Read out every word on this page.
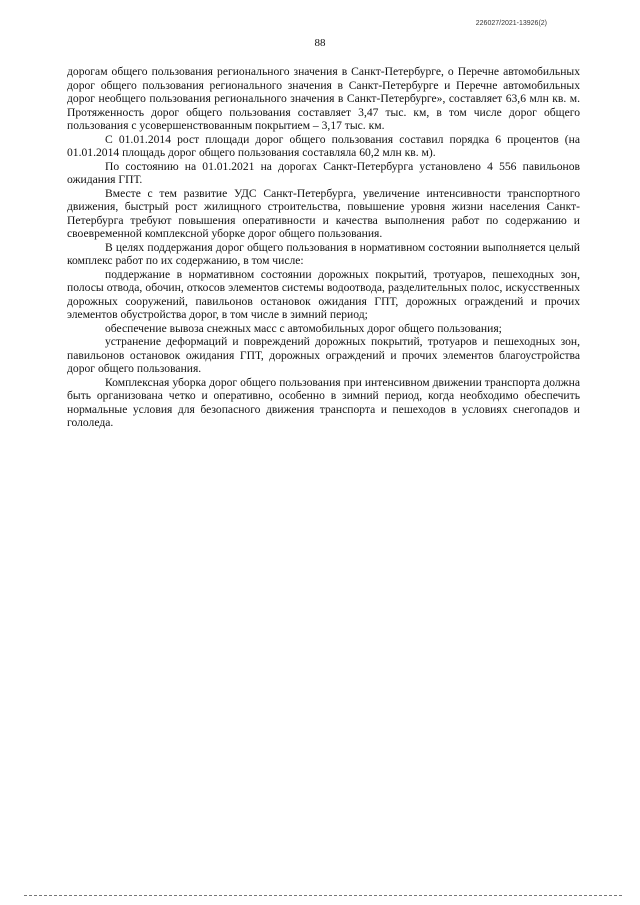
226027/2021-13926(2)
88

дорогам общего пользования регионального значения в Санкт-Петербурге, о Перечне автомобильных дорог общего пользования регионального значения в Санкт-Петербурге и Перечне автомобильных дорог необщего пользования регионального значения в Санкт-Петербурге», составляет 63,6 млн кв. м. Протяженность дорог общего пользования составляет 3,47 тыс. км, в том числе дорог общего пользования с усовершенствованным покрытием – 3,17 тыс. км.

С 01.01.2014 рост площади дорог общего пользования составил порядка 6 процентов (на 01.01.2014 площадь дорог общего пользования составляла 60,2 млн кв. м).

По состоянию на 01.01.2021 на дорогах Санкт-Петербурга установлено 4 556 павильонов ожидания ГПТ.

Вместе с тем развитие УДС Санкт-Петербурга, увеличение интенсивности транспортного движения, быстрый рост жилищного строительства, повышение уровня жизни населения Санкт-Петербурга требуют повышения оперативности и качества выполнения работ по содержанию и своевременной комплексной уборке дорог общего пользования.

В целях поддержания дорог общего пользования в нормативном состоянии выполняется целый комплекс работ по их содержанию, в том числе:

поддержание в нормативном состоянии дорожных покрытий, тротуаров, пешеходных зон, полосы отвода, обочин, откосов элементов системы водоотвода, разделительных полос, искусственных дорожных сооружений, павильонов остановок ожидания ГПТ, дорожных ограждений и прочих элементов обустройства дорог, в том числе в зимний период;

обеспечение вывоза снежных масс с автомобильных дорог общего пользования;

устранение деформаций и повреждений дорожных покрытий, тротуаров и пешеходных зон, павильонов остановок ожидания ГПТ, дорожных ограждений и прочих элементов благоустройства дорог общего пользования.

Комплексная уборка дорог общего пользования при интенсивном движении транспорта должна быть организована четко и оперативно, особенно в зимний период, когда необходимо обеспечить нормальные условия для безопасного движения транспорта и пешеходов в условиях снегопадов и гололеда.
